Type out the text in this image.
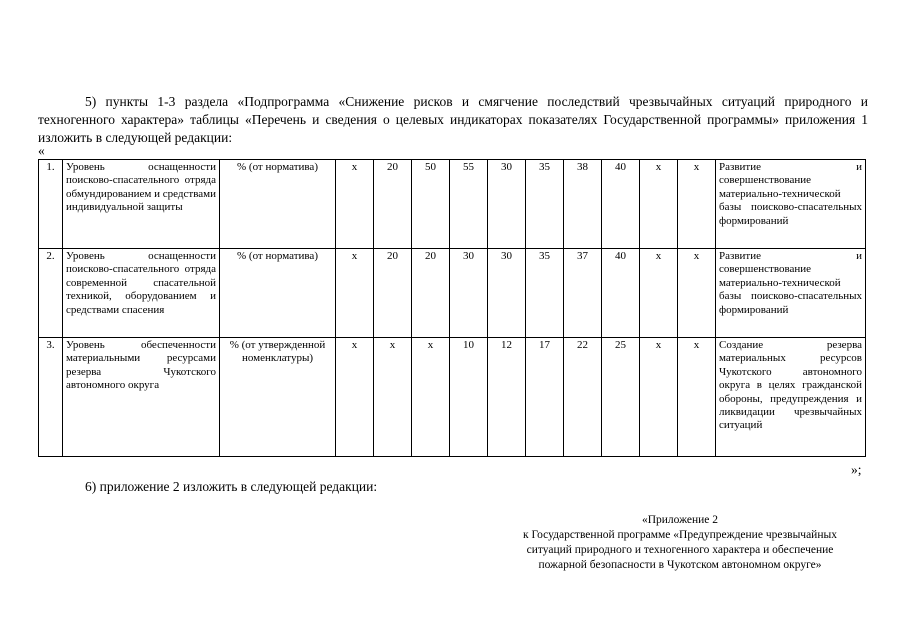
5) пункты 1-3 раздела «Подпрограмма «Снижение рисков и смягчение последствий чрезвычайных ситуаций природного и техногенного характера» таблицы «Перечень и сведения о целевых индикаторах показателях Государственной программы» приложения 1 изложить в следующей редакции:
«
1.	Уровень оснащенности поисково-спасательного отряда обмундированием и средствами индивидуальной защиты	% (от норматива)	х	20	50	55	30	35	38	40	х	х	Развитие и совершенствование материально-технической базы поисково-спасательных формирований
2.	Уровень оснащенности поисково-спасательного отряда современной спасательной техникой, оборудованием и средствами спасения	% (от норматива)	х	20	20	30	30	35	37	40	х	х	Развитие и совершенствование материально-технической базы поисково-спасательных формирований
3.	Уровень обеспеченности материальными ресурсами резерва Чукотского автономного округа	% (от утвержденной номенклатуры)	х	х	х	10	12	17	22	25	х	х	Создание резерва материальных ресурсов Чукотского автономного округа в целях гражданской обороны, предупреждения и ликвидации чрезвычайных ситуаций
»;
6) приложение 2 изложить в следующей редакции:
«Приложение 2
к Государственной программе «Предупреждение чрезвычайных
ситуаций природного и техногенного характера и обеспечение
пожарной безопасности в Чукотском автономном округе»
